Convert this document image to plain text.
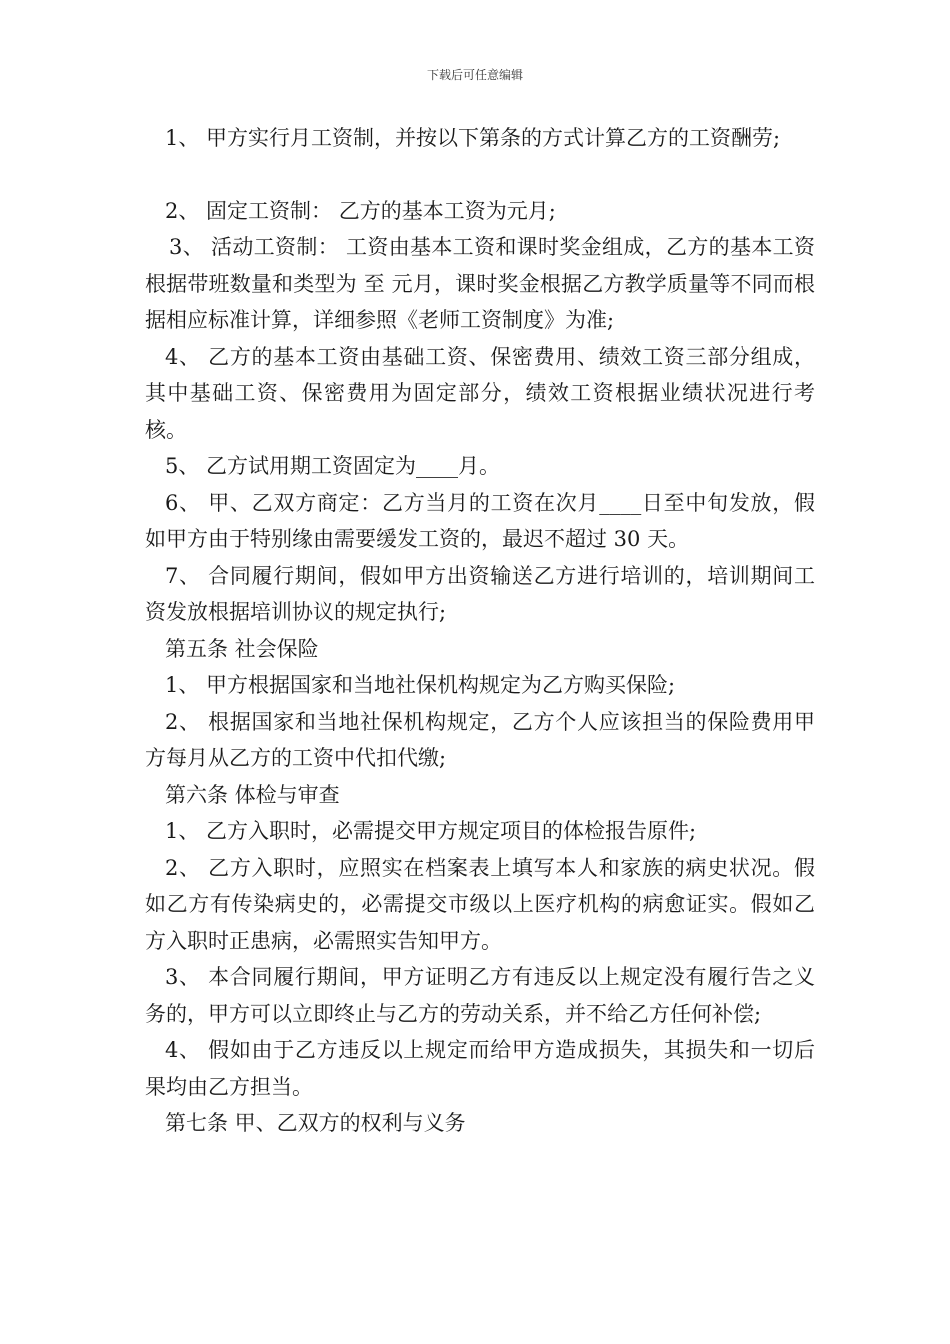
下载后可任意编辑

1、 甲方实行月工资制，并按以下第条的方式计算乙方的工资酬劳;

2、 固定工资制： 乙方的基本工资为元月;

3、 活动工资制： 工资由基本工资和课时奖金组成，乙方的基本工资根据带班数量和类型为 至 元月，课时奖金根据乙方教学质量等不同而根据相应标准计算，详细参照《老师工资制度》为准;

4、 乙方的基本工资由基础工资、保密费用、绩效工资三部分组成，其中基础工资、保密费用为固定部分，绩效工资根据业绩状况进行考核。

5、 乙方试用期工资固定为____月。

6、 甲、乙双方商定：乙方当月的工资在次月____日至中旬发放，假如甲方由于特别缘由需要缓发工资的，最迟不超过 30 天。

7、 合同履行期间，假如甲方出资输送乙方进行培训的，培训期间工资发放根据培训协议的规定执行;

第五条 社会保险

1、 甲方根据国家和当地社保机构规定为乙方购买保险;

2、 根据国家和当地社保机构规定，乙方个人应该担当的保险费用甲方每月从乙方的工资中代扣代缴;

第六条 体检与审查

1、 乙方入职时，必需提交甲方规定项目的体检报告原件;

2、 乙方入职时，应照实在档案表上填写本人和家族的病史状况。假如乙方有传染病史的，必需提交市级以上医疗机构的病愈证实。假如乙方入职时正患病，必需照实告知甲方。

3、 本合同履行期间，甲方证明乙方有违反以上规定没有履行告之义务的，甲方可以立即终止与乙方的劳动关系，并不给乙方任何补偿;

4、 假如由于乙方违反以上规定而给甲方造成损失，其损失和一切后果均由乙方担当。

第七条 甲、乙双方的权利与义务
